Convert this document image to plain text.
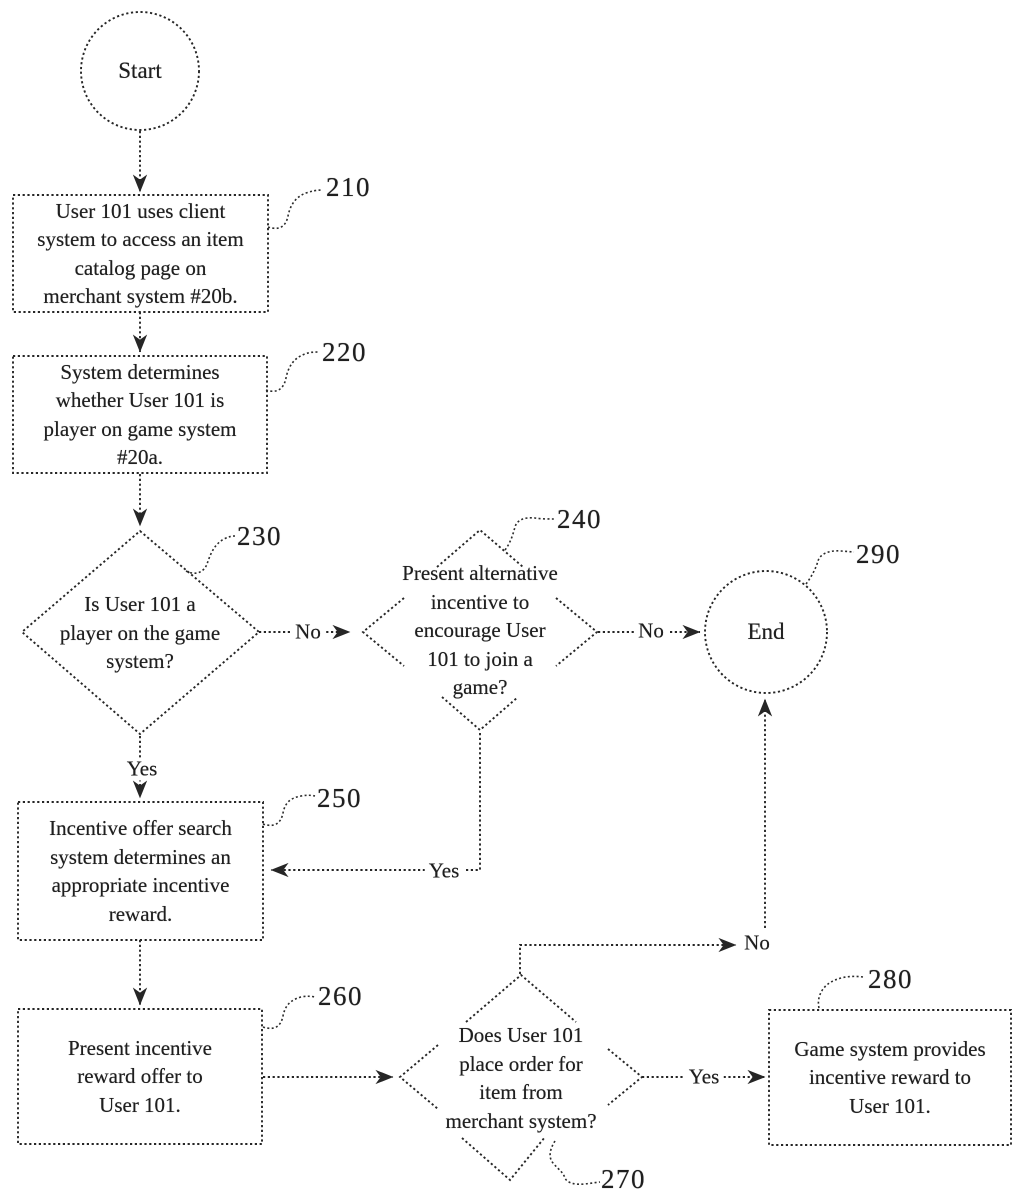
Start
End
User 101 uses client
system to access an item
catalog page on
merchant system #20b.
System determines
whether User 101 is
player on game system
#20a.
Incentive offer search
system determines an
appropriate incentive
reward.
Present incentive
reward offer to
User 101.
Game system provides
incentive reward to
User 101.
Is User 101 a
player on the game
system?
Present alternative
incentive to
encourage User
101 to join a
game?
Does User 101
place order for
item from
merchant system?
210
220
230
240
250
260
270
280
290
No
Yes
No
Yes
Yes
No
